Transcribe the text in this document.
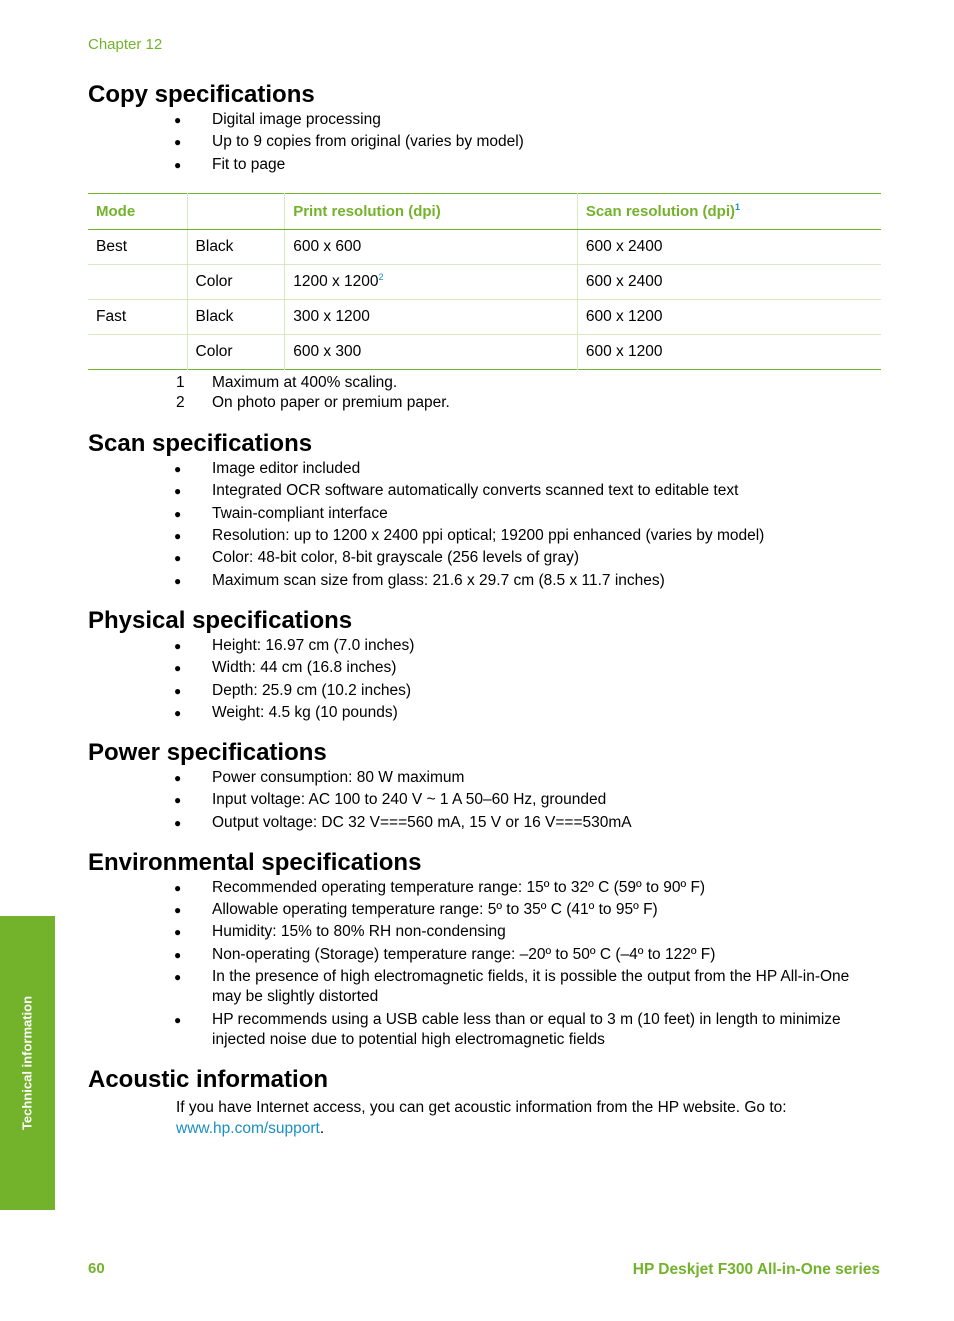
Chapter 12
Technical information
Copy specifications
● Digital image processing
● Up to 9 copies from original (varies by model)
● Fit to page
Mode		Print resolution (dpi)	Scan resolution (dpi)$^1$
Best	Black	600 x 600	600 x 2400
	Color	1200 x 1200$^2$	600 x 2400
Fast	Black	300 x 1200	600 x 1200
	Color	600 x 300	600 x 1200
1 Maximum at 400% scaling.
2 On photo paper or premium paper.
Scan specifications
● Image editor included
● Integrated OCR software automatically converts scanned text to editable text
● Twain-compliant interface
● Resolution: up to 1200 x 2400 ppi optical; 19200 ppi enhanced (varies by model)
● Color: 48-bit color, 8-bit grayscale (256 levels of gray)
● Maximum scan size from glass: 21.6 x 29.7 cm (8.5 x 11.7 inches)
Physical specifications
● Height: 16.97 cm (7.0 inches)
● Width: 44 cm (16.8 inches)
● Depth: 25.9 cm (10.2 inches)
● Weight: 4.5 kg (10 pounds)
Power specifications
● Power consumption: 80 W maximum
● Input voltage: AC 100 to 240 V ~ 1 A 50–60 Hz, grounded
● Output voltage: DC 32 V===560 mA, 15 V or 16 V===530mA
Environmental specifications
● Recommended operating temperature range: 15º to 32º C (59º to 90º F)
● Allowable operating temperature range: 5º to 35º C (41º to 95º F)
● Humidity: 15% to 80% RH non-condensing
● Non-operating (Storage) temperature range: –20º to 50º C (–4º to 122º F)
● In the presence of high electromagnetic fields, it is possible the output from the HP All-in-One may be slightly distorted
● HP recommends using a USB cable less than or equal to 3 m (10 feet) in length to minimize injected noise due to potential high electromagnetic fields
Acoustic information
If you have Internet access, you can get acoustic information from the HP website. Go to:
www.hp.com/support.
60	HP Deskjet F300 All-in-One series
